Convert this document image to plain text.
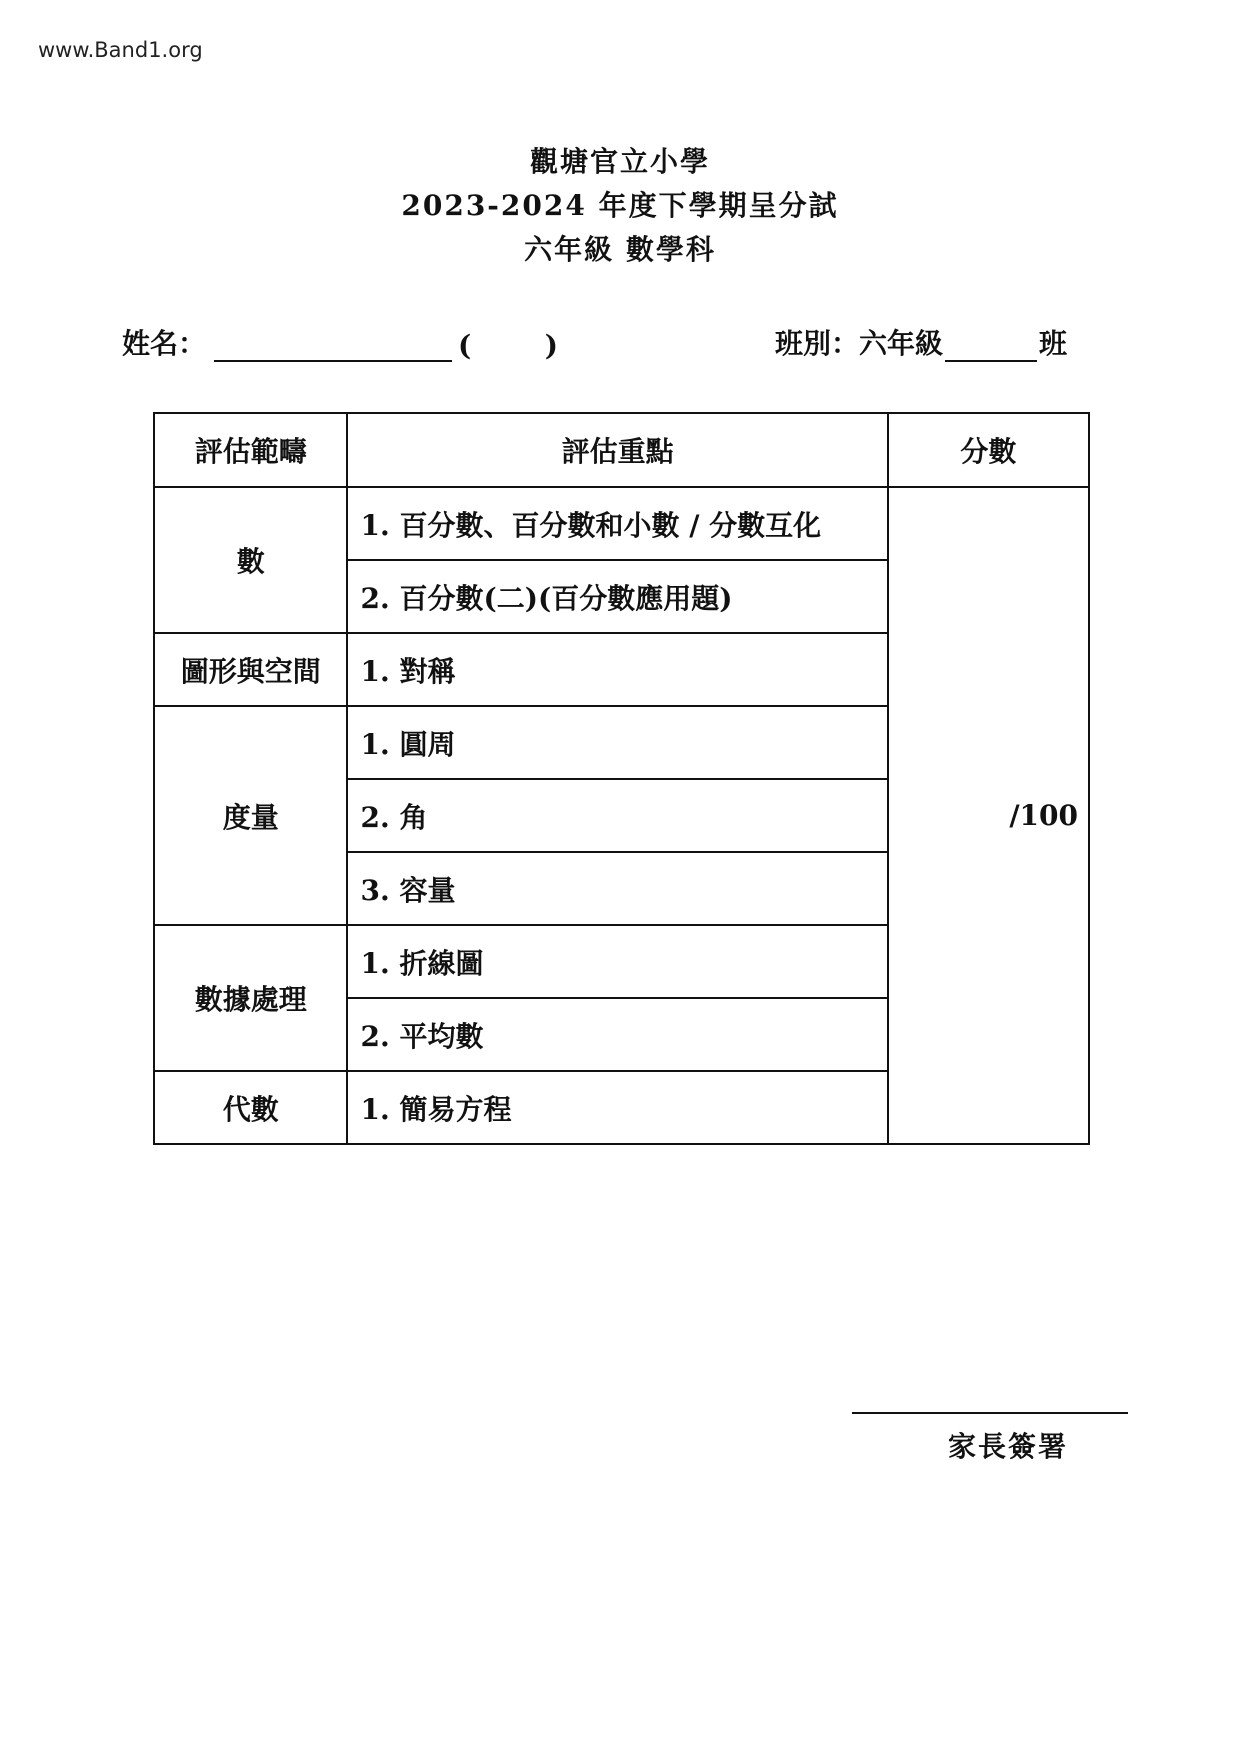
www.Band1.org
觀塘官立小學
2023-2024 年度下學期呈分試
六年級 數學科
姓名：	(	)	班別：六年級	班
評估範疇	評估重點	分數
數	1. 百分數、百分數和小數 / 分數互化	/100
	2. 百分數(二)(百分數應用題)	
圖形與空間	1. 對稱	
度量	1. 圓周	
	2. 角	
	3. 容量	
數據處理	1. 折線圖	
	2. 平均數	
代數	1. 簡易方程	
家長簽署
